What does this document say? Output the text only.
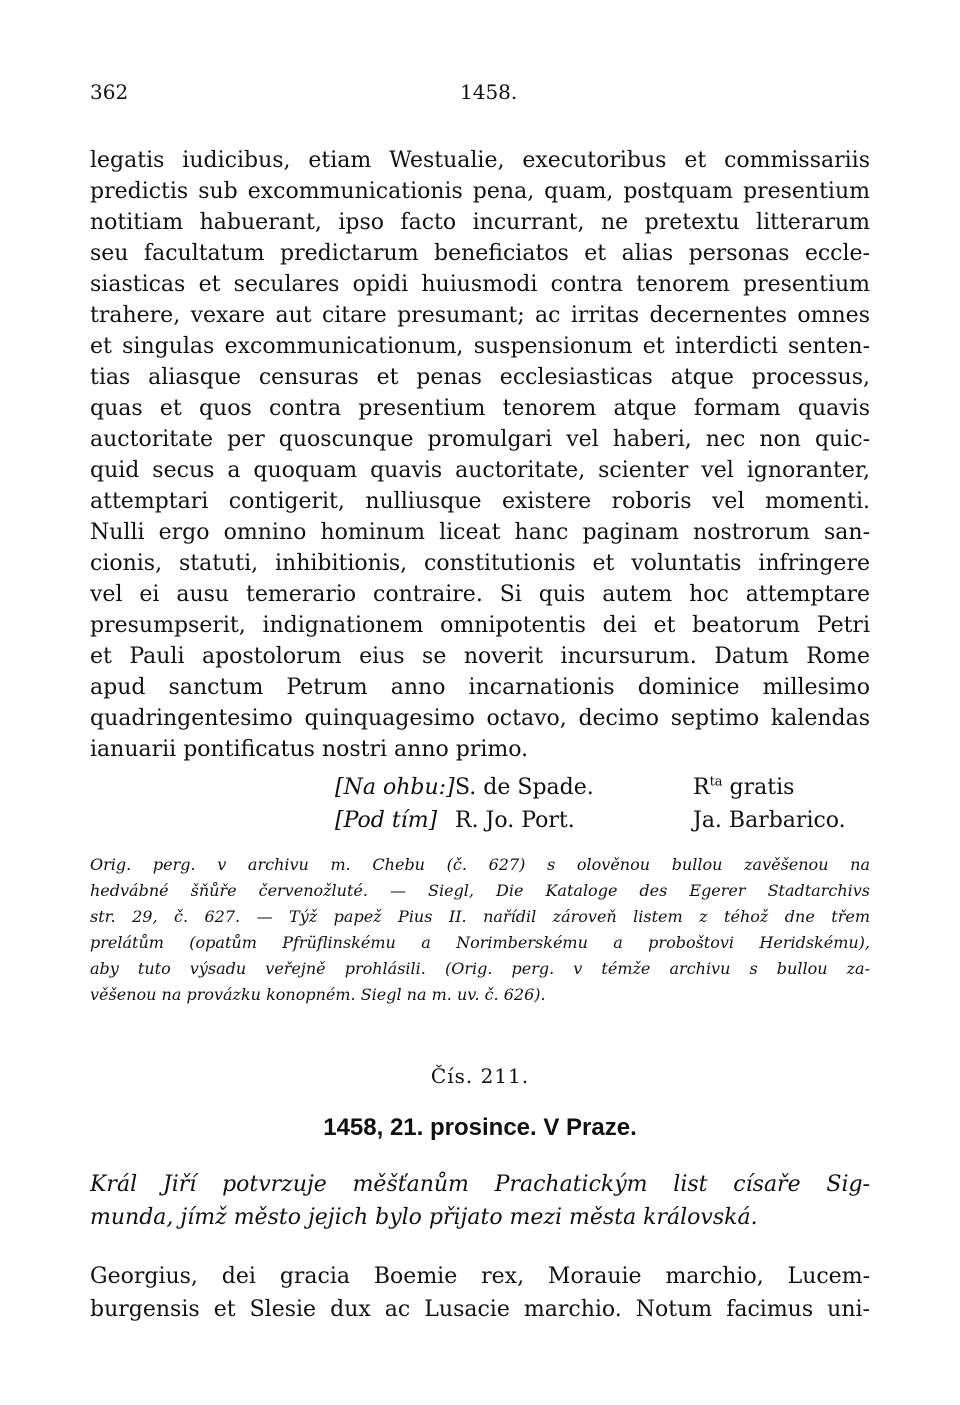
362	1458.
legatis iudicibus, etiam Westualie, executoribus et commissariis
predictis sub excommunicationis pena, quam, postquam presentium
notitiam habuerant, ipso facto incurrant, ne pretextu litterarum
seu facultatum predictarum beneficiatos et alias personas eccle-
siasticas et seculares opidi huiusmodi contra tenorem presentium
trahere, vexare aut citare presumant; ac irritas decernentes omnes
et singulas excommunicationum, suspensionum et interdicti senten-
tias aliasque censuras et penas ecclesiasticas atque processus,
quas et quos contra presentium tenorem atque formam quavis
auctoritate per quoscunque promulgari vel haberi, nec non quic-
quid secus a quoquam quavis auctoritate, scienter vel ignoranter,
attemptari contigerit, nulliusque existere roboris vel momenti.
Nulli ergo omnino hominum liceat hanc paginam nostrorum san-
cionis, statuti, inhibitionis, constitutionis et voluntatis infringere
vel ei ausu temerario contraire. Si quis autem hoc attemptare
presumpserit, indignationem omnipotentis dei et beatorum Petri
et Pauli apostolorum eius se noverit incursurum. Datum Rome
apud sanctum Petrum anno incarnationis dominice millesimo
quadringentesimo quinquagesimo octavo, decimo septimo kalendas
ianuarii pontificatus nostri anno primo.
[Na ohbu:] S. de Spade.	$R^{ta}$ gratis
[Pod tím] R. Jo. Port.	Ja. Barbarico.
Orig. perg. v archivu m. Chebu (č. 627) s olověnou bullou zavěšenou na
hedvábné šňůře červenožluté. — Siegl, Die Kataloge des Egerer Stadtarchivs
str. 29, č. 627. — Týž papež Pius II. nařídil zároveň listem z téhož dne třem
prelátům (opatům Pfrüflinskému a Norimberskému a proboštovi Heridskému),
aby tuto výsadu veřejně prohlásili. (Orig. perg. v témže archivu s bullou za-
věšenou na provázku konopném. Siegl na m. uv. č. 626).
Čís. 211.
1458, 21. prosince. V Praze.
Král Jiří potvrzuje měšťanům Prachatickým list císaře Sig-
munda, jímž město jejich bylo přijato mezi města královská.
Georgius, dei gracia Boemie rex, Morauie marchio, Lucem-
burgensis et Slesie dux ac Lusacie marchio. Notum facimus uni-
